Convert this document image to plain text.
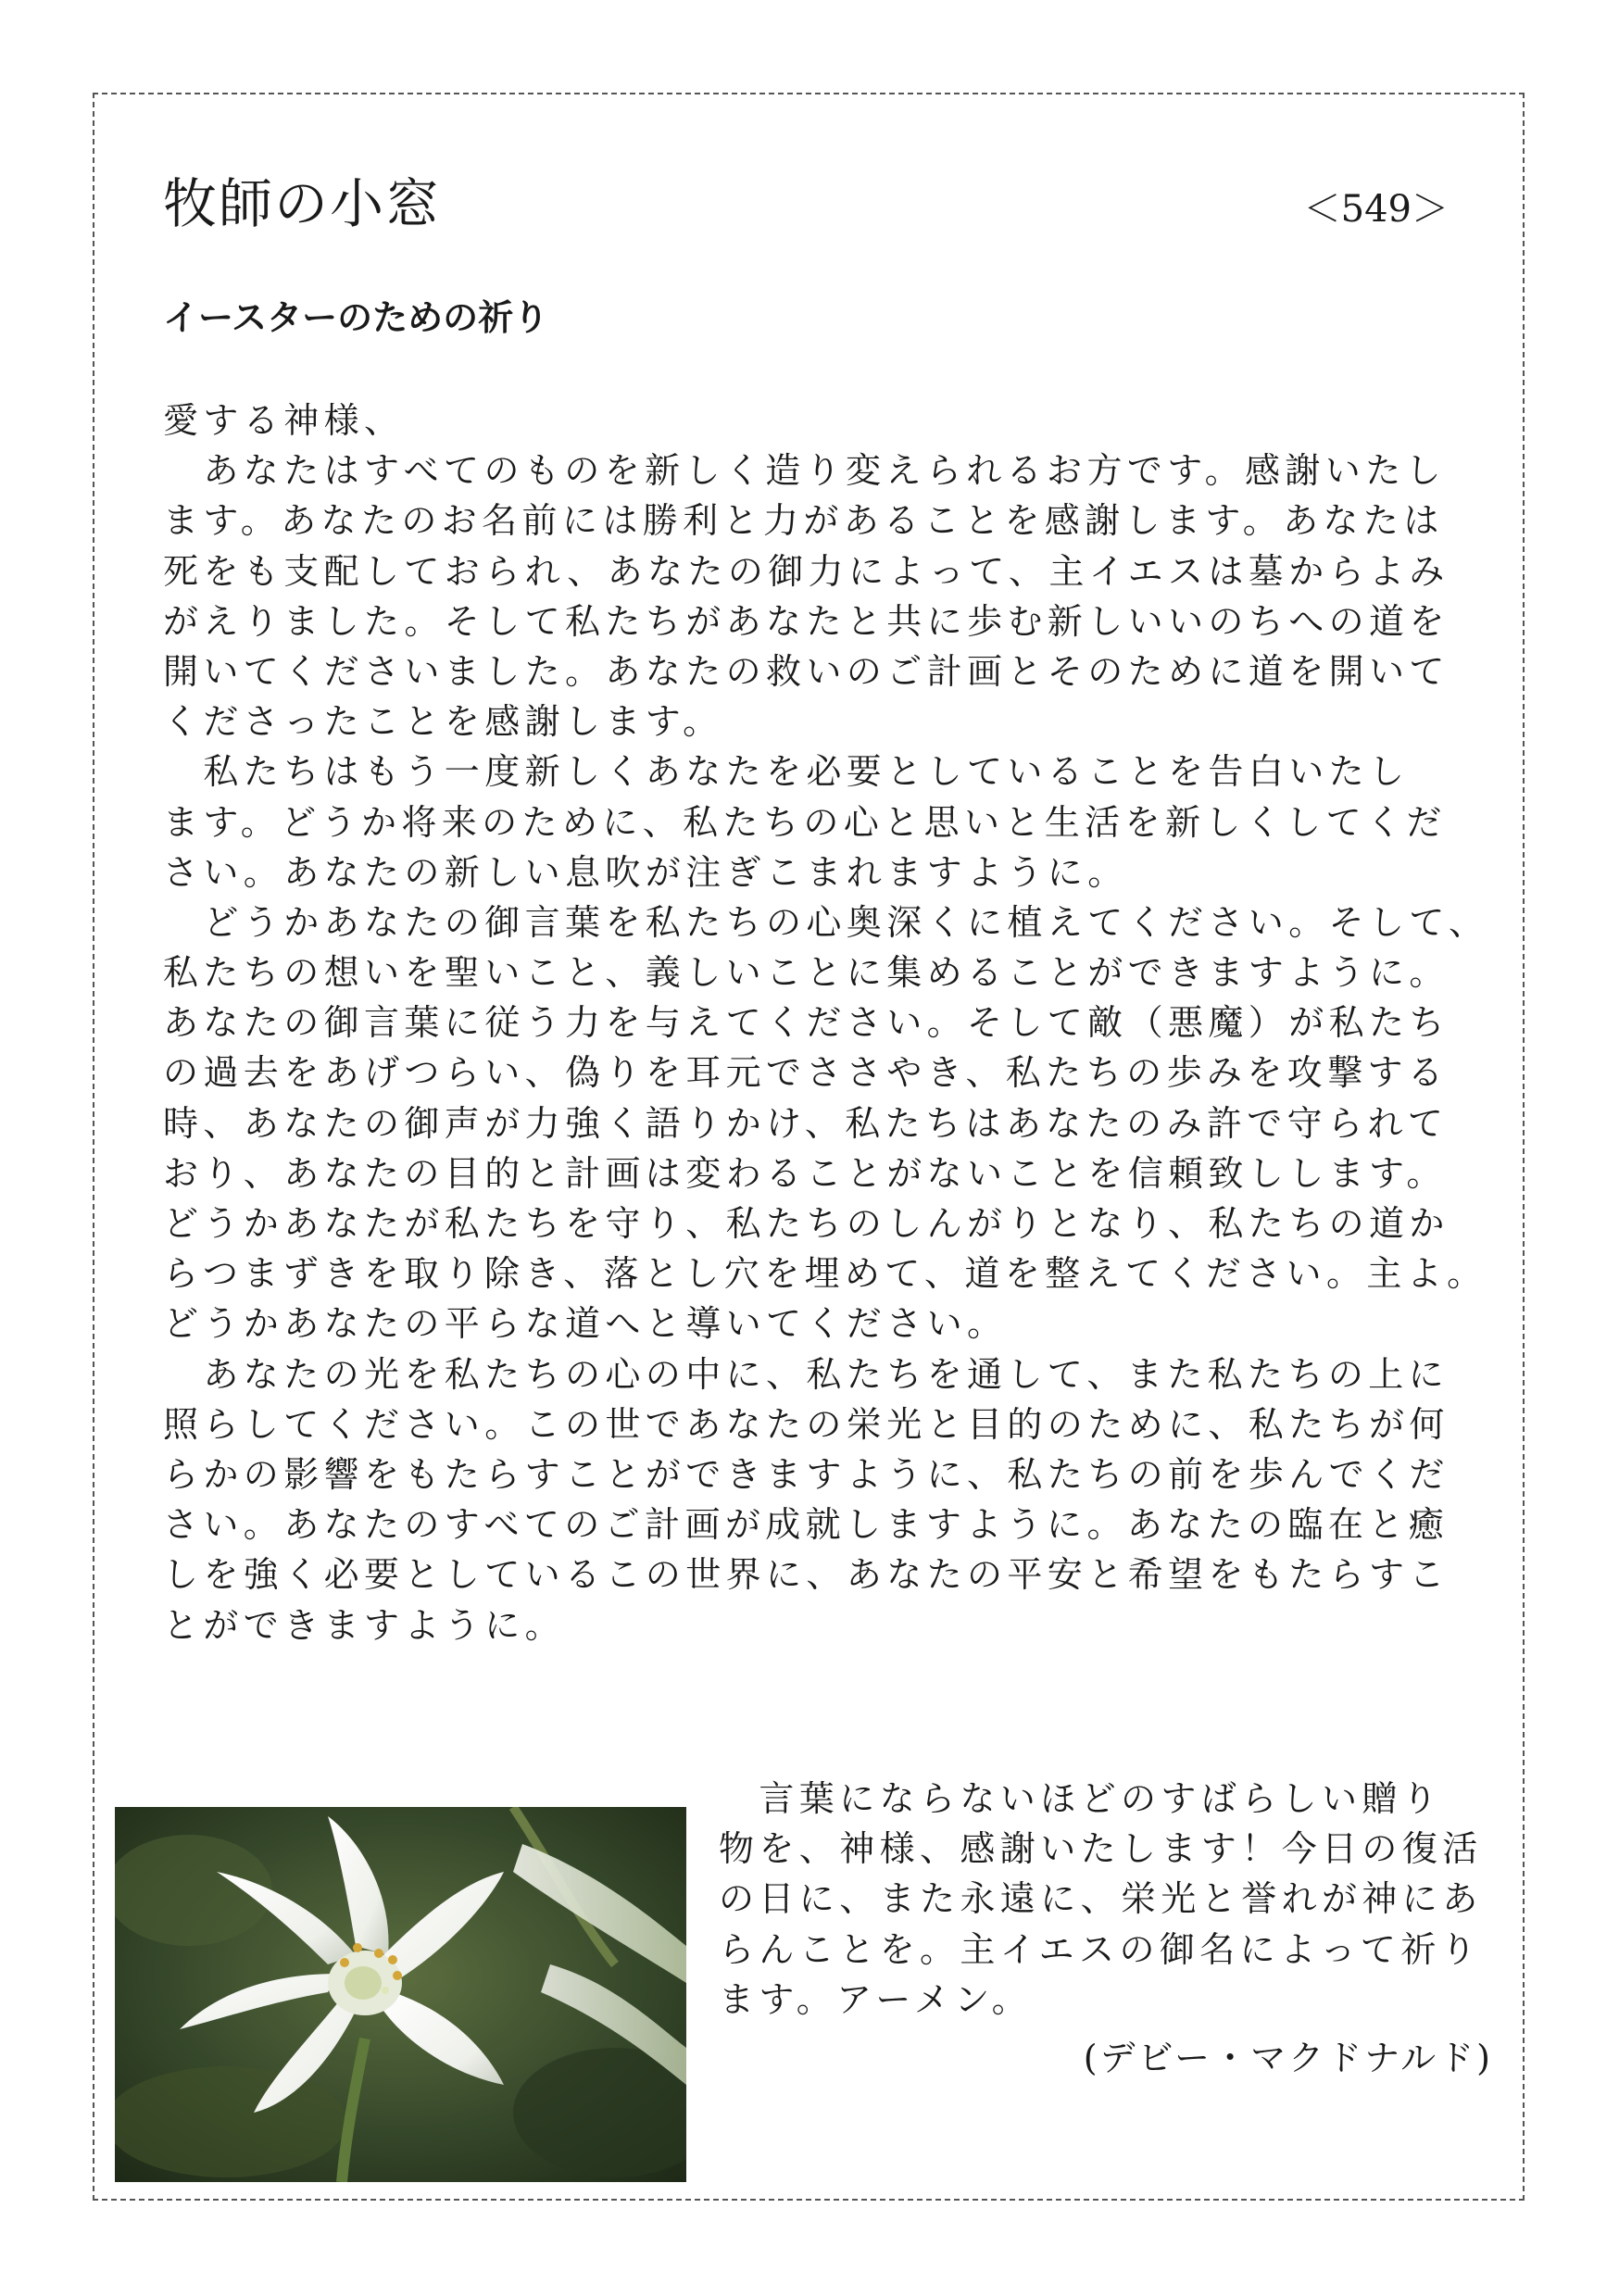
牧師の小窓	＜549＞
イースターのための祈り
愛する神様、
　あなたはすべてのものを新しく造り変えられるお方です。感謝いたし
ます。あなたのお名前には勝利と力があることを感謝します。あなたは
死をも支配しておられ、あなたの御力によって、主イエスは墓からよみ
がえりました。そして私たちがあなたと共に歩む新しいいのちへの道を
開いてくださいました。あなたの救いのご計画とそのために道を開いて
くださったことを感謝します。
　私たちはもう一度新しくあなたを必要としていることを告白いたし
ます。どうか将来のために、私たちの心と思いと生活を新しくしてくだ
さい。あなたの新しい息吹が注ぎこまれますように。
　どうかあなたの御言葉を私たちの心奥深くに植えてください。そして、
私たちの想いを聖いこと、義しいことに集めることができますように。
あなたの御言葉に従う力を与えてください。そして敵（悪魔）が私たち
の過去をあげつらい、偽りを耳元でささやき、私たちの歩みを攻撃する
時、あなたの御声が力強く語りかけ、私たちはあなたのみ許で守られて
おり、あなたの目的と計画は変わることがないことを信頼致しします。
どうかあなたが私たちを守り、私たちのしんがりとなり、私たちの道か
らつまずきを取り除き、落とし穴を埋めて、道を整えてください。主よ。
どうかあなたの平らな道へと導いてください。
　あなたの光を私たちの心の中に、私たちを通して、また私たちの上に
照らしてください。この世であなたの栄光と目的のために、私たちが何
らかの影響をもたらすことができますように、私たちの前を歩んでくだ
さい。あなたのすべてのご計画が成就しますように。あなたの臨在と癒
しを強く必要としているこの世界に、あなたの平安と希望をもたらすこ
とができますように。
　言葉にならないほどのすばらしい贈り
物を、神様、感謝いたします！今日の復活
の日に、また永遠に、栄光と誉れが神にあ
らんことを。主イエスの御名によって祈り
ます。アーメン。
(デビー・マクドナルド)
